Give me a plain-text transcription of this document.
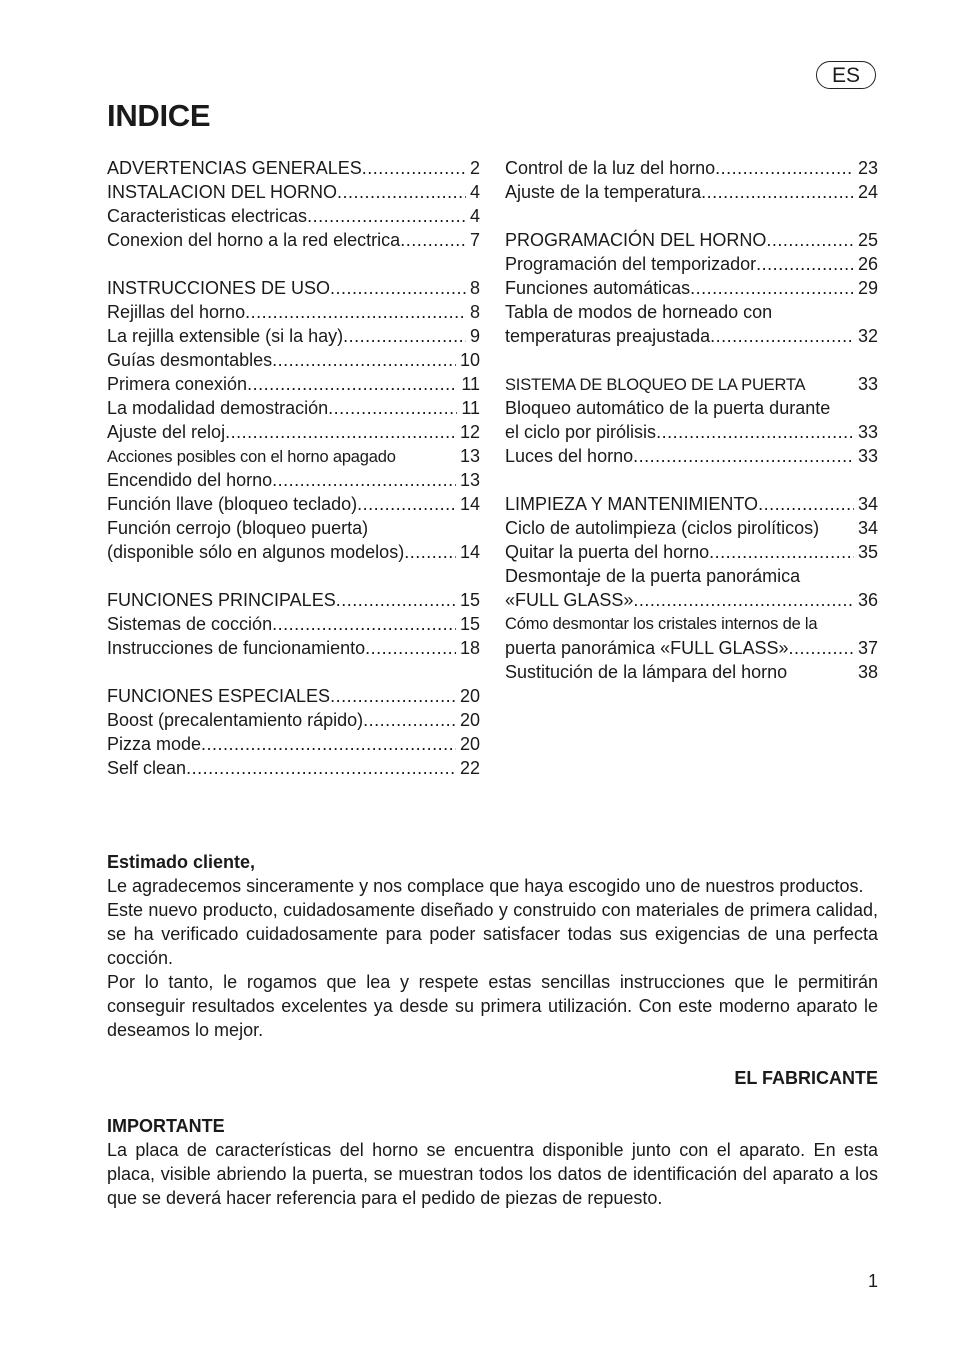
ES
INDICE
ADVERTENCIAS GENERALES .....	2
INSTALACION DEL HORNO .....	4
Caracteristicas electricas .....	4
Conexion del horno a la red electrica .....	7
INSTRUCCIONES DE USO .....	8
Rejillas del horno .....	8
La rejilla extensible (si la hay) .....	9
Guías desmontables .....	10
Primera conexión .....	11
La modalidad demostración .....	11
Ajuste del reloj .....	12
Acciones posibles con el horno apagado	13
Encendido del horno .....	13
Función llave (bloqueo teclado) .....	14
Función cerrojo (bloqueo puerta)
(disponible sólo en algunos modelos) .....	14
FUNCIONES PRINCIPALES .....	15
Sistemas de cocción .....	15
Instrucciones de funcionamiento .....	18
FUNCIONES ESPECIALES .....	20
Boost (precalentamiento rápido) .....	20
Pizza mode .....	20
Self clean .....	22
Control de la luz del horno .....	23
Ajuste de la temperatura .....	24
PROGRAMACIÓN DEL HORNO .....	25
Programación del temporizador .....	26
Funciones automáticas .....	29
Tabla de modos de horneado con
temperaturas preajustada .....	32
SISTEMA DE BLOQUEO DE LA PUERTA	33
Bloqueo automático de la puerta durante
el ciclo por pirólisis .....	33
Luces del horno .....	33
LIMPIEZA Y MANTENIMIENTO .....	34
Ciclo de autolimpieza (ciclos pirolíticos) 34
Quitar la puerta del horno .....	35
Desmontaje de la puerta panorámica
«FULL GLASS» .....	36
Cómo desmontar los cristales internos de la
puerta panorámica «FULL GLASS» .....	37
Sustitución de la lámpara del horno	38

Estimado cliente,

Le agradecemos sinceramente y nos complace que haya escogido uno de nuestros productos.

Este nuevo producto, cuidadosamente diseñado y construido con materiales de primera calidad, se ha verificado cuidadosamente para poder satisfacer todas sus exigencias de una perfecta cocción.

Por lo tanto, le rogamos que lea y respete estas sencillas instrucciones que le permitirán conseguir resultados excelentes ya desde su primera utilización. Con este moderno aparato le deseamos lo mejor.

EL FABRICANTE

IMPORTANTE

La placa de características del horno se encuentra disponible junto con el aparato. En esta placa, visible abriendo la puerta, se muestran todos los datos de identificación del aparato a los que se deverá hacer referencia para el pedido de piezas de repuesto.

1
